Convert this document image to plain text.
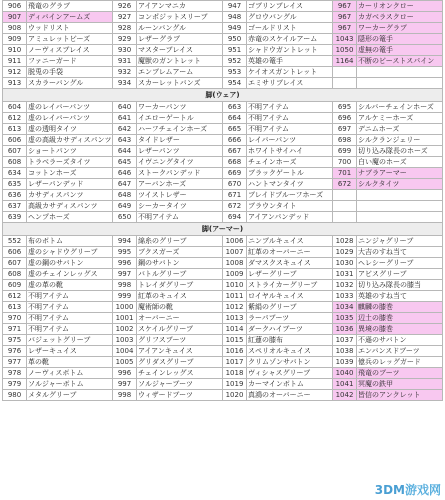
906	飛竜のグラブ	926	アイアンマニカ	947	ゴブリンブレイス	967	カーリオンクロー
907	ディバインアームズ	927	コンポジットスリーブ	948	グロウバングル	967	カガベラスクロー
908	ウッドリスト	928	ルーンバングル	949	ゴールドリスト	967	ワーカーグラブ
909	アミュレットビーズ	929	レザーグラブ	950	赤竜のスケイルアーム	1043	隠形の篭手
910	ノーヴィスブレイス	930	マスターブレイス	951	シャドウガントレット	1050	虚無の篭手
911	ファニーガード	931	魔獣のガントレット	952	英雄の篭手	1164	不断のビーストスパイン
912	脱兎の手袋	932	エンブレムアーム	953	ケイオスガントレット		
913	スカラーバングル	934	スカーレットバンズ	954	エミサリブレイス		
脚(ウェア)							
604	虚のレイバーパンツ	640	ワーカーパンツ	663	不明アイテム	695	シルバーチェインホーズ
612	虚のレイバーパンツ	641	イエローゲートル	664	不明アイテム	696	アルケミーホーズ
613	虚の透明タイツ	642	ハーフチェインホーズ	665	不明アイテム	697	デニムホーズ
606	虚の高級カサディスパンツ	643	タイドレザー	666	レイバーパンツ	698	シルクランジェリー
607	ショートパンツ	644	レザーパンツ	667	ホワイトサイハイ	699	切り込み隊長のホーズ
608	トラベラーズタイツ	645	イヴニングタイツ	668	チェインホーズ	700	白い魔のホーズ
634	コットンホーズ	646	ストークパンデッド	669	ブラックゲートル	701	ナブラアーマー
635	レザーパンデッド	647	アーバンホーズ	670	ハントマンタイツ	672	シルクタイツ
636	カサディスパンツ	648	ツイストレザー	671	ブレイドプルーフホーズ		
637	高級カサディスパンツ	649	シーカータイツ	672	ブラウンタイト		
639	ヘンプホーズ	650	不明アイテム	694	アイアンパンデッド		
脚(アーマー)							
552	布のボトム	994	綿糸のグリーブ	1006	ニンブルキュイス	1028	ニンジャグリーブ
606	虚のシャドウグリーブ	995	ブクスガーズ	1007	紅革のオーバーニー	1029	大吉のすね当て
607	虚の鋼のサバトン	996	鋼のサバトン	1008	ダマスクスキュイス	1030	ヘレシーグリーブ
608	虚のチェインレッグス	997	バトルグリーブ	1009	レザーグリーブ	1031	アビスグリーブ
609	虚の革の靴	998	トレイダグリーブ	1010	ストライカーグリーブ	1032	切り込み隊長の膝当
612	不明アイテム	999	紅革のキュイス	1011	ロイヤルキュイス	1033	英雄のすね当て
613	不明アイテム	1000	魔術師の靴	1012	紫絹のグリーブ	1034	麒麟の膝巻
970	不明アイテム	1001	オーバーニー	1013	ラーパブーツ	1035	辺土の膝巻
971	不明アイテム	1002	スケイルグリーブ	1014	ダークハイブーツ	1036	異境の膝巻
975	バジェットグリーブ	1003	グリフスブーツ	1015	紅蓮の膝布	1037	不遜のサバトン
976	レザーキュイス	1004	アイアンキュイス	1016	スペリオルキュイス	1038	エンバンスドブーツ
977	革の靴	1005	グリダスグリーブ	1017	クリムゾンサバトン	1039	億兵のレッグガード
978	ノーヴィスボトム	996	チェインレッグス	1018	ヴィシャスグリーブ	1040	飛竜のブーツ
979	ソルジャーボトム	997	ソルジャーブーツ	1019	カーマインボトム	1041	冥魔の鉄甲
980	メタルグリーブ	998	ウィザードブーツ	1020	真鴻のオーバーニー	1042	皆信のアンクレット
3DM游戏网
